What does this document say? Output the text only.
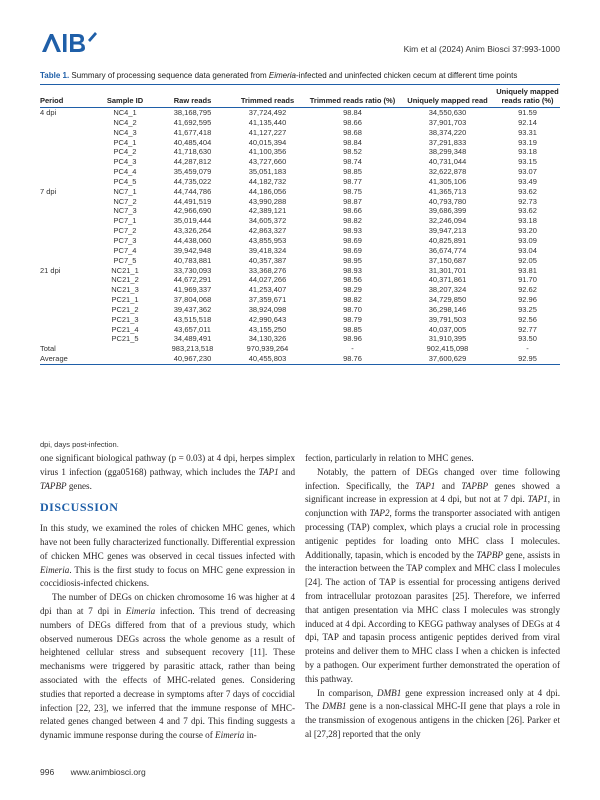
Kim et al (2024) Anim Biosci 37:993-1000
Table 1. Summary of processing sequence data generated from Eimeria-infected and uninfected chicken cecum at different time points
Period	Sample ID	Raw reads	Trimmed reads	Trimmed reads ratio (%)	Uniquely mapped read	Uniquely mapped reads ratio (%)
4 dpi	NC4_1	38,168,795	37,724,492	98.84	34,550,630	91.59
	NC4_2	41,692,595	41,135,440	98.66	37,901,703	92.14
	NC4_3	41,677,418	41,127,227	98.68	38,374,220	93.31
	PC4_1	40,485,404	40,015,394	98.84	37,291,833	93.19
	PC4_2	41,718,630	41,100,356	98.52	38,299,348	93.18
	PC4_3	44,287,812	43,727,660	98.74	40,731,044	93.15
	PC4_4	35,459,079	35,051,183	98.85	32,622,878	93.07
	PC4_5	44,735,022	44,182,732	98.77	41,305,106	93.49
7 dpi	NC7_1	44,744,786	44,186,056	98.75	41,365,713	93.62
	NC7_2	44,491,519	43,990,288	98.87	40,793,780	92.73
	NC7_3	42,966,690	42,389,121	98.66	39,686,399	93.62
	PC7_1	35,019,444	34,605,372	98.82	32,246,094	93.18
	PC7_2	43,326,264	42,863,327	98.93	39,947,213	93.20
	PC7_3	44,438,060	43,855,953	98.69	40,825,891	93.09
	PC7_4	39,942,948	39,418,324	98.69	36,674,774	93.04
	PC7_5	40,783,881	40,357,387	98.95	37,150,687	92.05
21 dpi	NC21_1	33,730,093	33,368,276	98.93	31,301,701	93.81
	NC21_2	44,672,291	44,027,266	98.56	40,371,861	91.70
	NC21_3	41,969,337	41,253,407	98.29	38,207,324	92.62
	PC21_1	37,804,068	37,359,671	98.82	34,729,850	92.96
	PC21_2	39,437,362	38,924,098	98.70	36,298,146	93.25
	PC21_3	43,515,518	42,990,643	98.79	39,791,503	92.56
	PC21_4	43,657,011	43,155,250	98.85	40,037,005	92.77
	PC21_5	34,489,491	34,130,326	98.96	31,910,395	93.50
Total		983,213,518	970,939,264	-	902,415,098	-
Average		40,967,230	40,455,803	98.76	37,600,629	92.95
dpi, days post-infection.

one significant biological pathway (p = 0.03) at 4 dpi, herpes simplex virus 1 infection (gga05168) pathway, which includes the TAP1 and TAPBP genes.

DISCUSSION

In this study, we examined the roles of chicken MHC genes, which have not been fully characterized functionally. Differential expression of chicken MHC genes was observed in cecal tissues infected with Eimeria. This is the first study to focus on MHC gene expression in coccidiosis-infected chickens.

The number of DEGs on chicken chromosome 16 was higher at 4 dpi than at 7 dpi in Eimeria infection. This trend of decreasing numbers of DEGs differed from that of a previous study, which observed numerous DEGs across the whole genome as a result of heightened cellular stress and subsequent recovery [11]. These mechanisms were triggered by parasitic attack, rather than being associated with the effects of MHC-related genes. Considering studies that reported a decrease in symptoms after 7 days of coccidial infection [22, 23], we inferred that the immune response of MHC-related genes changed between 4 and 7 dpi. This finding suggests a dynamic immune response during the course of Eimeria in-

fection, particularly in relation to MHC genes.

Notably, the pattern of DEGs changed over time following infection. Specifically, the TAP1 and TAPBP genes showed a significant increase in expression at 4 dpi, but not at 7 dpi. TAP1, in conjunction with TAP2, forms the transporter associated with antigen processing (TAP) complex, which plays a crucial role in processing antigenic peptides for loading onto MHC class I molecules. Additionally, tapasin, which is encoded by the TAPBP gene, assists in the interaction between the TAP complex and MHC class I molecules [24]. The action of TAP is essential for processing antigens derived from intracellular protozoan parasites [25]. Therefore, we inferred that antigen presentation via MHC class I molecules was strongly induced at 4 dpi. According to KEGG pathway analyses of DEGs at 4 dpi, TAP and tapasin process antigenic peptides derived from viral proteins and deliver them to MHC class I when a chicken is infected by a pathogen. Our experiment further demonstrated the operation of this pathway.

In comparison, DMB1 gene expression increased only at 4 dpi. The DMB1 gene is a non-classical MHC-II gene that plays a role in the transmission of exogenous antigens in the chicken [26]. Parker et al [27,28] reported that the only

996 www.animbiosci.org
